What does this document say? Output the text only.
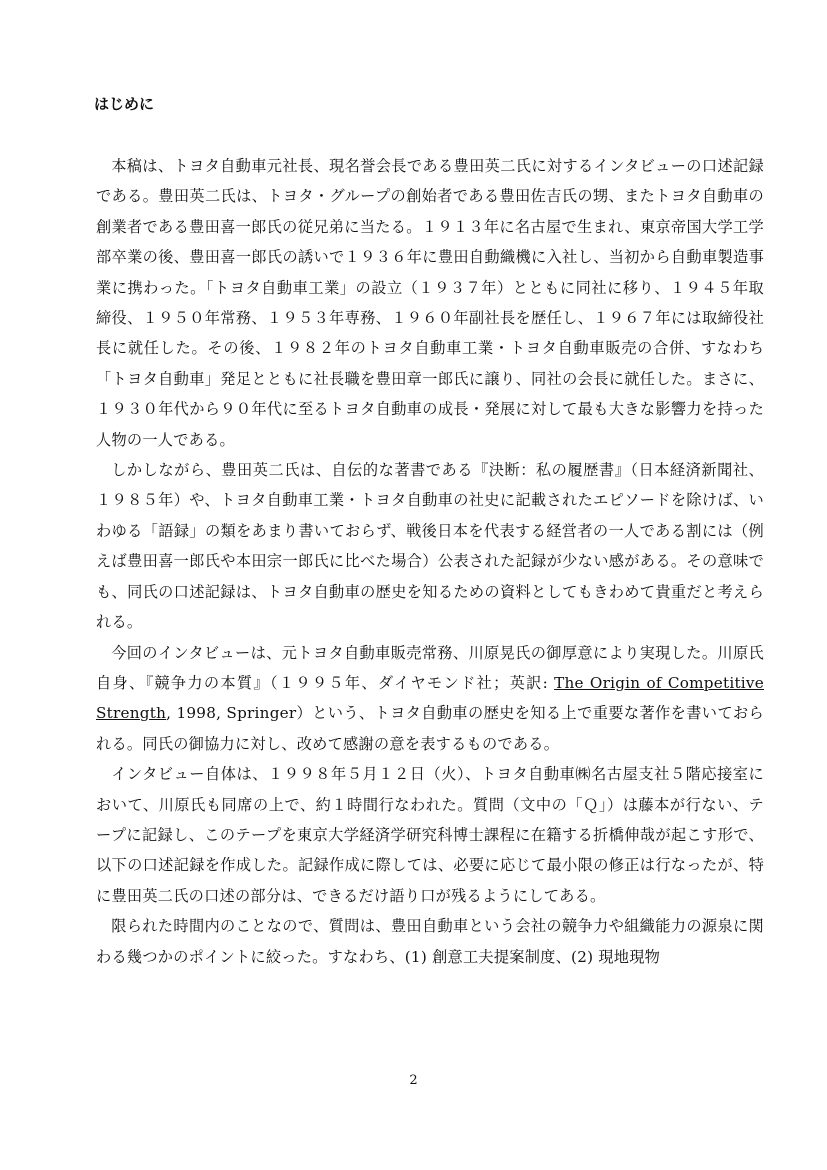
はじめに

本稿は、トヨタ自動車元社長、現名誉会長である豊田英二氏に対するインタビューの口述記録である。豊田英二氏は、トヨタ・グループの創始者である豊田佐吉氏の甥、またトヨタ自動車の創業者である豊田喜一郎氏の従兄弟に当たる。１９１３年に名古屋で生まれ、東京帝国大学工学部卒業の後、豊田喜一郎氏の誘いで１９３６年に豊田自動織機に入社し、当初から自動車製造事業に携わった。「トヨタ自動車工業」の設立（１９３７年）とともに同社に移り、１９４５年取締役、１９５０年常務、１９５３年専務、１９６０年副社長を歴任し、１９６７年には取締役社長に就任した。その後、１９８２年のトヨタ自動車工業・トヨタ自動車販売の合併、すなわち「トヨタ自動車」発足とともに社長職を豊田章一郎氏に譲り、同社の会長に就任した。まさに、１９３０年代から９０年代に至るトヨタ自動車の成長・発展に対して最も大きな影響力を持った人物の一人である。

しかしながら、豊田英二氏は、自伝的な著書である『決断：私の履歴書』（日本経済新聞社、１９８５年）や、トヨタ自動車工業・トヨタ自動車の社史に記載されたエピソードを除けば、いわゆる「語録」の類をあまり書いておらず、戦後日本を代表する経営者の一人である割には（例えば豊田喜一郎氏や本田宗一郎氏に比べた場合）公表された記録が少ない感がある。その意味でも、同氏の口述記録は、トヨタ自動車の歴史を知るための資料としてもきわめて貴重だと考えられる。

今回のインタビューは、元トヨタ自動車販売常務、川原晃氏の御厚意により実現した。川原氏自身、『競争力の本質』（１９９５年、ダイヤモンド社；英訳: The Origin of Competitive Strength, 1998, Springer）という、トヨタ自動車の歴史を知る上で重要な著作を書いておられる。同氏の御協力に対し、改めて感謝の意を表するものである。

インタビュー自体は、１９９８年５月１２日（火）、トヨタ自動車㈱名古屋支社５階応接室において、川原氏も同席の上で、約１時間行なわれた。質問（文中の「Ｑ」）は藤本が行ない、テープに記録し、このテープを東京大学経済学研究科博士課程に在籍する折橋伸哉が起こす形で、以下の口述記録を作成した。記録作成に際しては、必要に応じて最小限の修正は行なったが、特に豊田英二氏の口述の部分は、できるだけ語り口が残るようにしてある。

限られた時間内のことなので、質問は、豊田自動車という会社の競争力や組織能力の源泉に関わる幾つかのポイントに絞った。すなわち、(1) 創意工夫提案制度、(2) 現地現物

2
